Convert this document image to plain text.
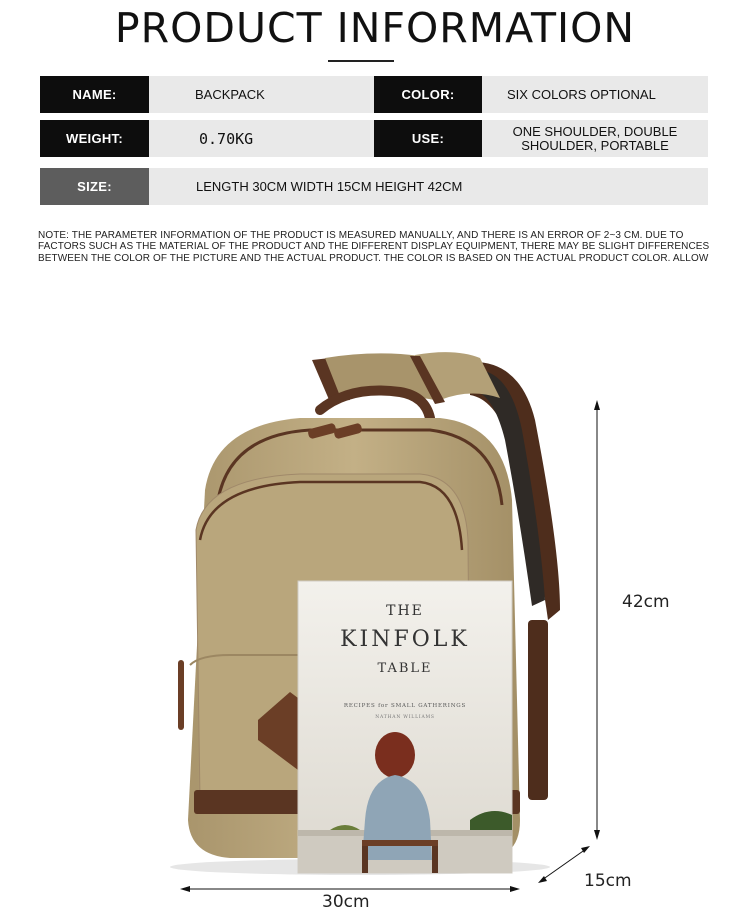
PRODUCT INFORMATION
NAME:	BACKPACK	COLOR:	SIX COLORS OPTIONAL
WEIGHT:	0.70KG	USE:	ONE SHOULDER, DOUBLE
SHOULDER, PORTABLE
SIZE:	LENGTH 30CM WIDTH 15CM HEIGHT 42CM
NOTE: THE PARAMETER INFORMATION OF THE PRODUCT IS MEASURED MANUALLY, AND THERE IS AN ERROR OF 2~3 CM. DUE TO FACTORS SUCH AS THE MATERIAL OF THE PRODUCT AND THE DIFFERENT DISPLAY EQUIPMENT, THERE MAY BE SLIGHT DIFFERENCES BETWEEN THE COLOR OF THE PICTURE AND THE ACTUAL PRODUCT. THE COLOR IS BASED ON THE ACTUAL PRODUCT COLOR. ALLOW
THE
KINFOLK
TABLE
RECIPES for SMALL GATHERINGS
NATHAN WILLIAMS
42cm
15cm
30cm
